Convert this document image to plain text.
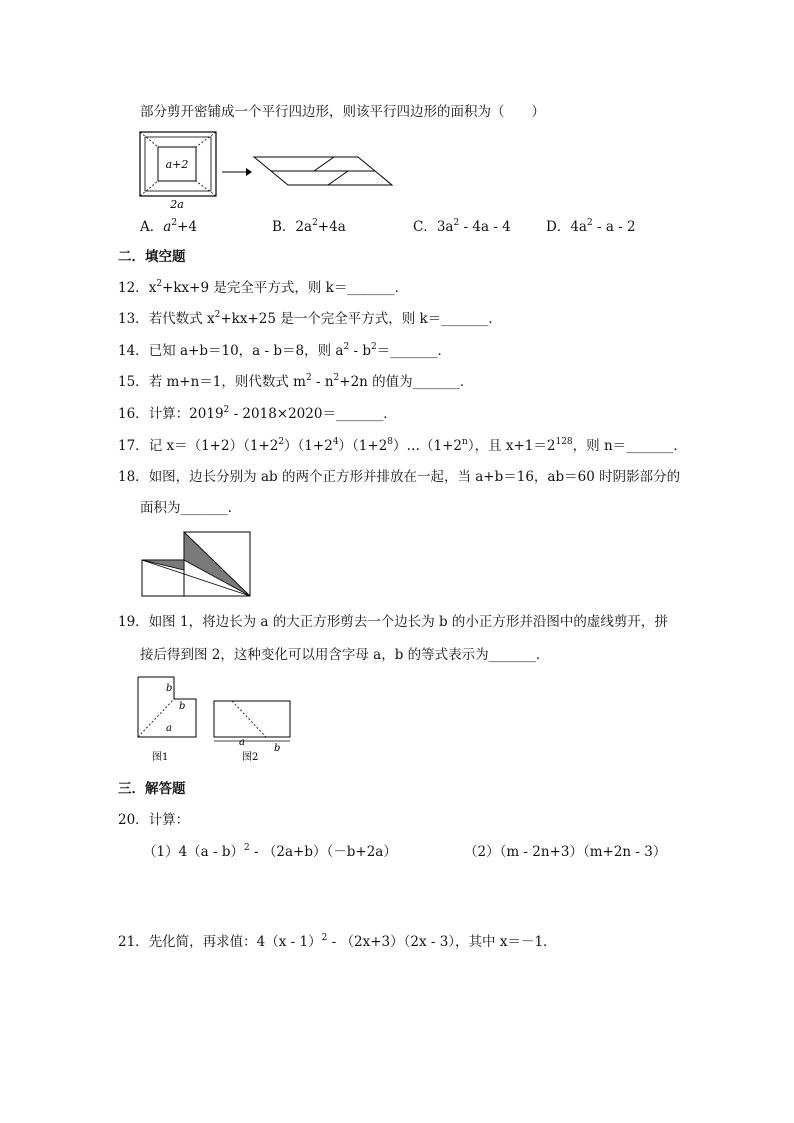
部分剪开密铺成一个平行四边形，则该平行四边形的面积为（　　）
a+2
2a
A．$a^2+4$	B．$2a^2+4a$	C．$3a^2 - 4a - 4$	D．$4a^2$ - a - 2
二．填空题
12．$x^2+kx+9$ 是完全平方式，则 k＝_______．
13．若代数式 $x^2+kx+25$ 是一个完全平方式，则 k＝_______．
14．已知 a+b＝10，a - b＝8，则 $a^2$ - $b^2=\_\_\_\_\_\_\_$．
15．若 m+n＝1，则代数式 $m^2 - n^2+2n$ 的值为_______．
16．计算：2019$^2$ - 2018×2020＝_______．
17．记 $x=(1+2)(1+2^2)(1+2^4)(1+2^8)\dots(1+2^n)$，且 $x+1=2^{128}$，则 n＝_______．
18．如图，边长分别为 ab 的两个正方形并排放在一起，当 a+b＝16，ab＝60 时阴影部分的
面积为_______．
19．如图 1，将边长为 a 的大正方形剪去一个边长为 b 的小正方形并沿图中的虚线剪开，拼
接后得到图 2，这种变化可以用含字母 a，b 的等式表示为_______．
b
b
a
图1
a
b
图2
三．解答题
20．计算：
（1）4（a - b）$^2$ - （2a+b）（－b+2a）	（2）（m - 2n+3）（m+2n - 3）
21．先化简，再求值：4（x - 1）$^2$ - （2x+3）（2x - 3），其中 x＝－1．
